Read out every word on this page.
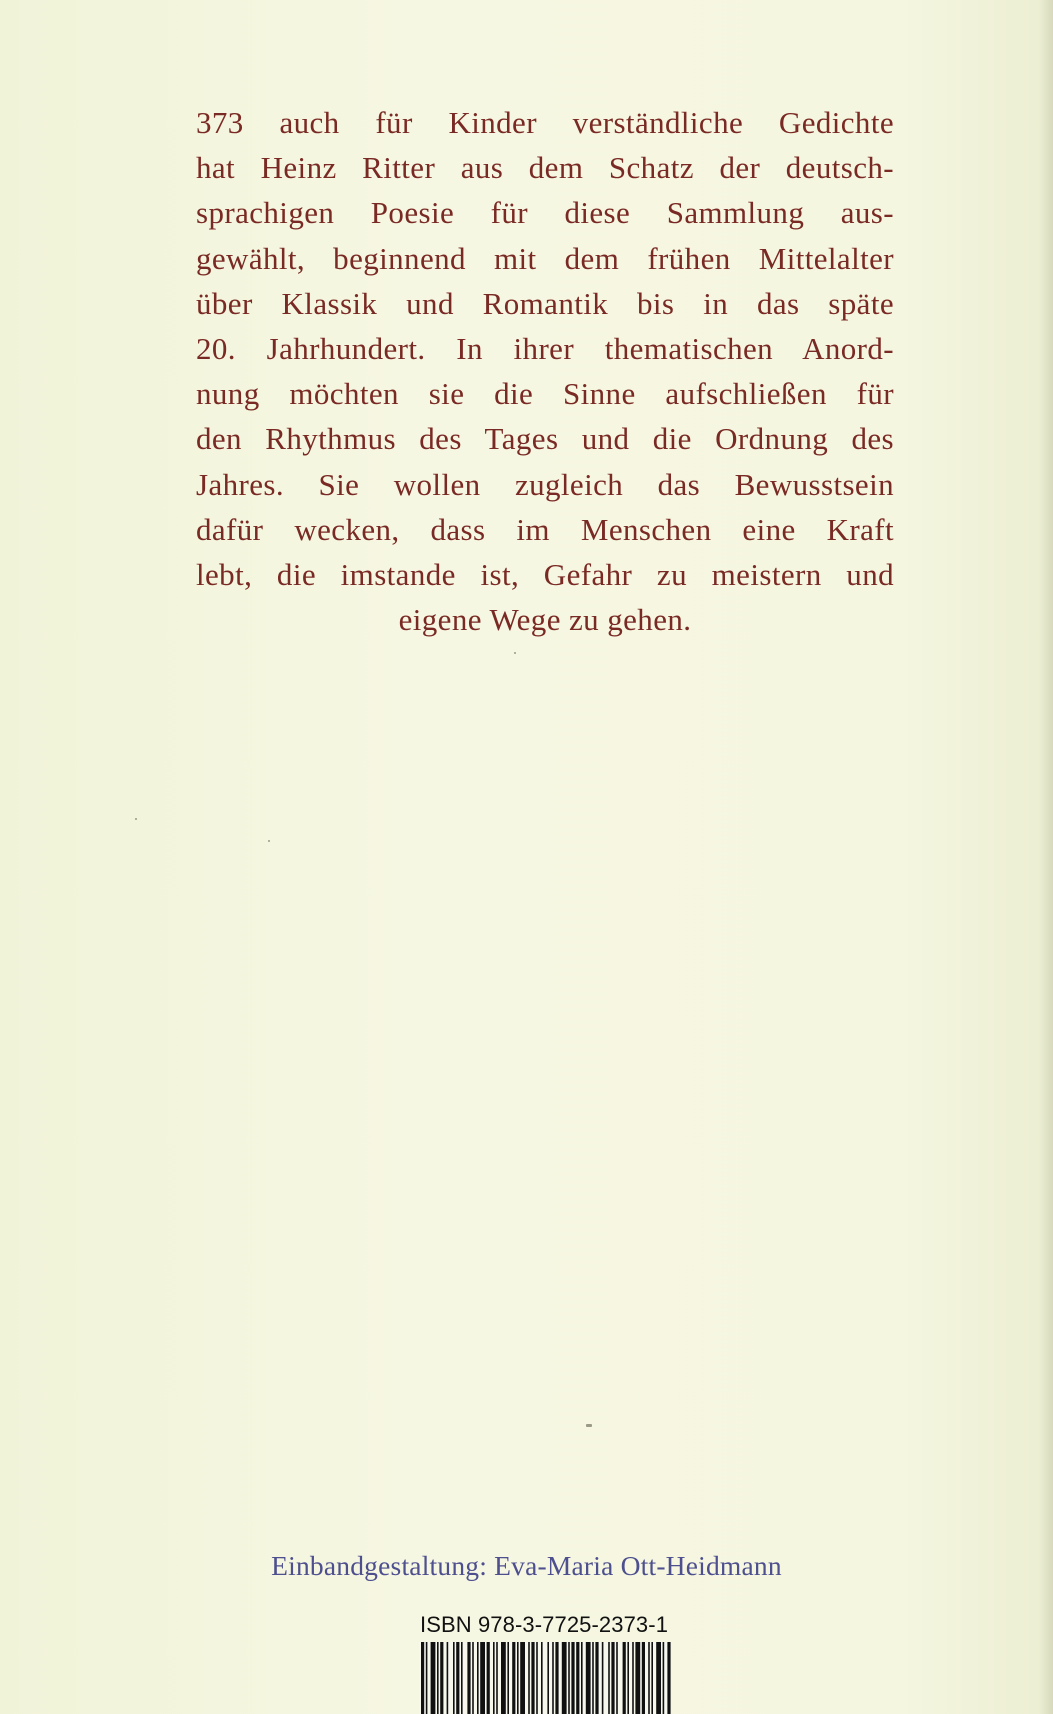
373 auch für Kinder verständliche Gedichte
hat Heinz Ritter aus dem Schatz der deutsch-
sprachigen Poesie für diese Sammlung aus-
gewählt, beginnend mit dem frühen Mittelalter
über Klassik und Romantik bis in das späte
20. Jahrhundert. In ihrer thematischen Anord-
nung möchten sie die Sinne aufschließen für
den Rhythmus des Tages und die Ordnung des
Jahres. Sie wollen zugleich das Bewusstsein
dafür wecken, dass im Menschen eine Kraft
lebt, die imstande ist, Gefahr zu meistern und
eigene Wege zu gehen.
Einbandgestaltung: Eva-Maria Ott-Heidmann
ISBN 978-3-7725-2373-1
